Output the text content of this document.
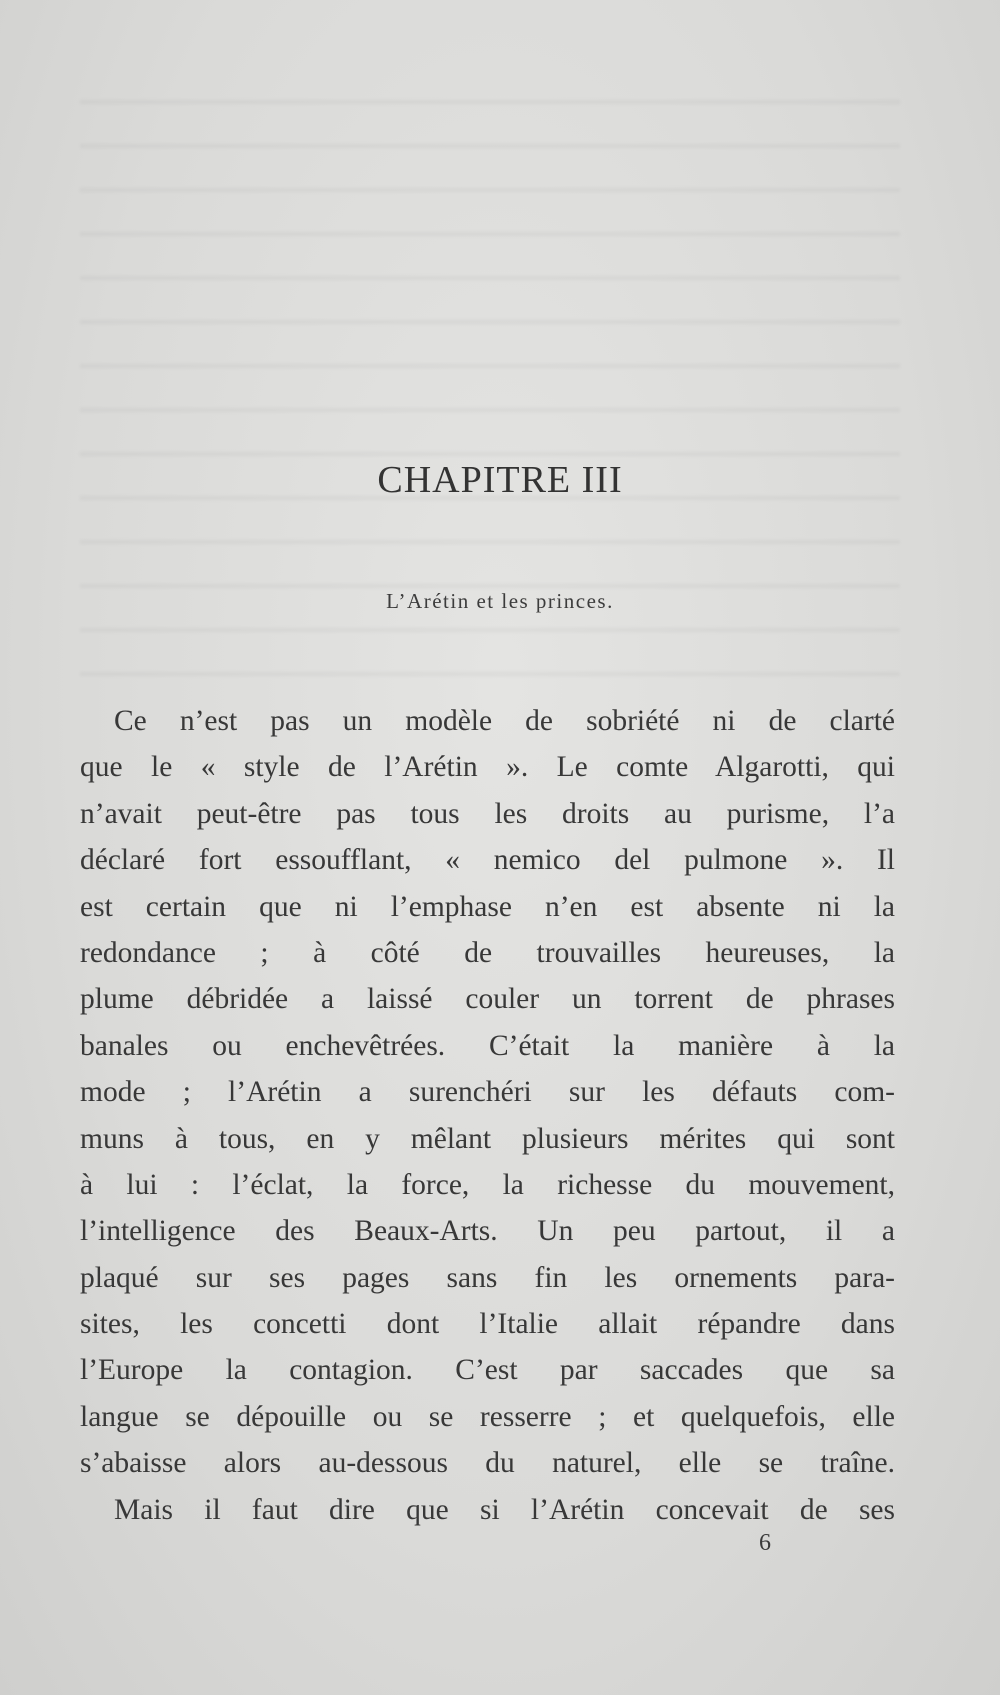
CHAPITRE III

L’Arétin et les princes.

Ce n’est pas un modèle de sobriété ni de clarté
que le « style de l’Arétin ». Le comte Algarotti, qui
n’avait peut-être pas tous les droits au purisme, l’a
déclaré fort essoufflant, « nemico del pulmone ». Il
est certain que ni l’emphase n’en est absente ni la
redondance ; à côté de trouvailles heureuses, la
plume débridée a laissé couler un torrent de phrases
banales ou enchevêtrées. C’était la manière à la
mode ; l’Arétin a surenchéri sur les défauts com-
muns à tous, en y mêlant plusieurs mérites qui sont
à lui : l’éclat, la force, la richesse du mouvement,
l’intelligence des Beaux-Arts. Un peu partout, il a
plaqué sur ses pages sans fin les ornements para-
sites, les concetti dont l’Italie allait répandre dans
l’Europe la contagion. C’est par saccades que sa
langue se dépouille ou se resserre ; et quelquefois, elle
s’abaisse alors au-dessous du naturel, elle se traîne.
Mais il faut dire que si l’Arétin concevait de ses
6
